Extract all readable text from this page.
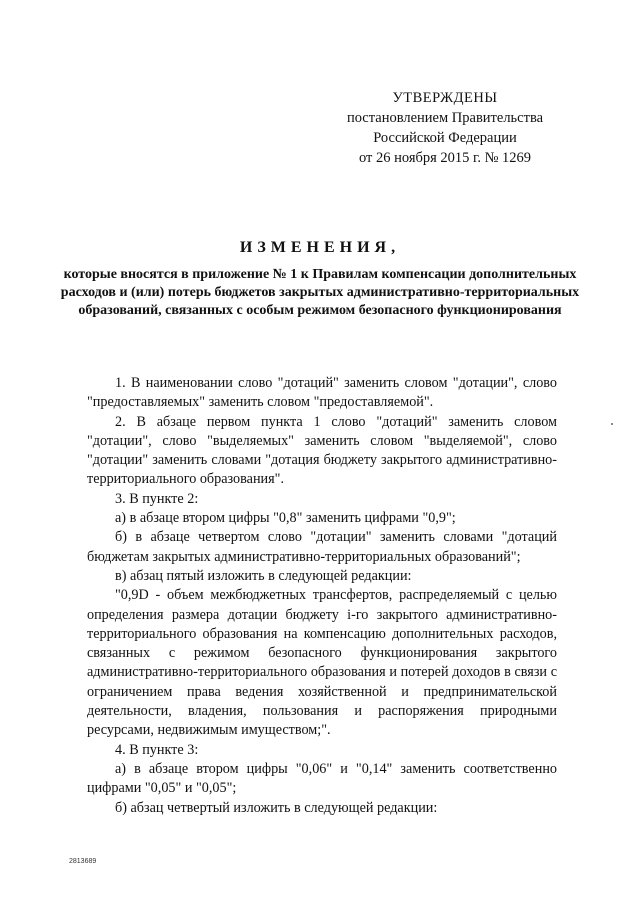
УТВЕРЖДЕНЫ
постановлением Правительства
Российской Федерации
от 26 ноября 2015 г. № 1269
ИЗМЕНЕНИЯ,
которые вносятся в приложение № 1 к Правилам компенсации дополнительных расходов и (или) потерь бюджетов закрытых административно-территориальных образований, связанных с особым режимом безопасного функционирования

1. В наименовании слово "дотаций" заменить словом "дотации", слово "предоставляемых" заменить словом "предоставляемой".

2. В абзаце первом пункта 1 слово "дотаций" заменить словом "дотации", слово "выделяемых" заменить словом "выделяемой", слово "дотации" заменить словами "дотация бюджету закрытого административно-территориального образования".

3. В пункте 2:

а) в абзаце втором цифры "0,8" заменить цифрами "0,9";

б) в абзаце четвертом слово "дотации" заменить словами "дотаций бюджетам закрытых административно-территориальных образований";

в) абзац пятый изложить в следующей редакции:

"0,9D - объем межбюджетных трансфертов, распределяемый с целью определения размера дотации бюджету i-го закрытого административно-территориального образования на компенсацию дополнительных расходов, связанных с режимом безопасного функционирования закрытого административно-территориального образования и потерей доходов в связи с ограничением права ведения хозяйственной и предпринимательской деятельности, владения, пользования и распоряжения природными ресурсами, недвижимым имуществом;".

4. В пункте 3:

а) в абзаце втором цифры "0,06" и "0,14" заменить соответственно цифрами "0,05" и "0,05";

б) абзац четвертый изложить в следующей редакции:

2813689
